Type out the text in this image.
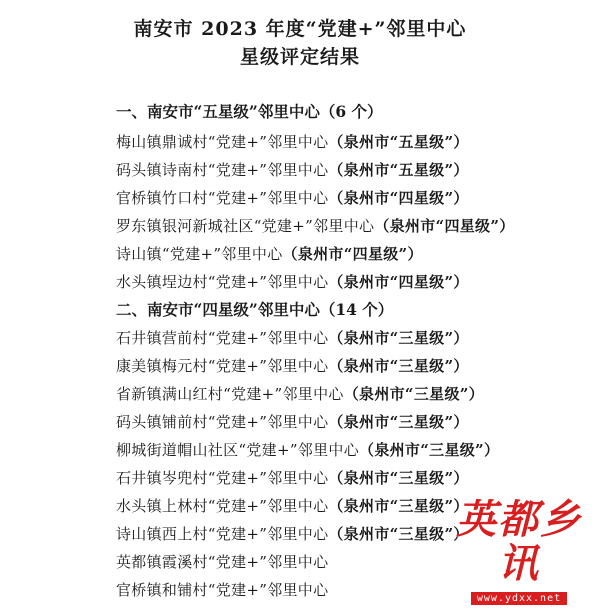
南安市 2023 年度“党建+”邻里中心
星级评定结果
一、南安市“五星级”邻里中心（6 个）
梅山镇鼎诚村“党建+”邻里中心（泉州市“五星级”）
码头镇诗南村“党建+”邻里中心（泉州市“五星级”）
官桥镇竹口村“党建+”邻里中心（泉州市“四星级”）
罗东镇银河新城社区“党建+”邻里中心（泉州市“四星级”）
诗山镇“党建+”邻里中心（泉州市“四星级”）
水头镇埕边村“党建+”邻里中心（泉州市“四星级”）
二、南安市“四星级”邻里中心（14 个）
石井镇营前村“党建+”邻里中心（泉州市“三星级”）
康美镇梅元村“党建+”邻里中心（泉州市“三星级”）
省新镇满山红村“党建+”邻里中心（泉州市“三星级”）
码头镇铺前村“党建+”邻里中心（泉州市“三星级”）
柳城街道帽山社区“党建+”邻里中心（泉州市“三星级”）
石井镇岑兜村“党建+”邻里中心（泉州市“三星级”）
水头镇上林村“党建+”邻里中心（泉州市“三星级”）
诗山镇西上村“党建+”邻里中心（泉州市“三星级”）
英都镇霞溪村“党建+”邻里中心
官桥镇和铺村“党建+”邻里中心
英都乡讯
www.ydxx.net
